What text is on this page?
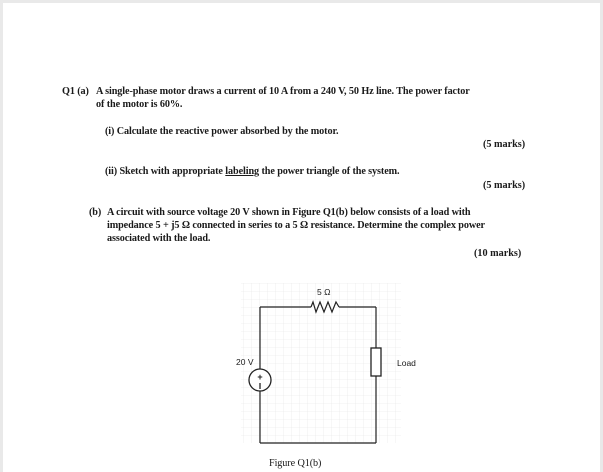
Q1 (a) A single-phase motor draws a current of 10 A from a 240 V, 50 Hz line. The power factor
of the motor is 60%.
(i) Calculate the reactive power absorbed by the motor.
(5 marks)
(ii) Sketch with appropriate labeling the power triangle of the system.
(5 marks)
(b) A circuit with source voltage 20 V shown in Figure Q1(b) below consists of a load with
impedance 5 + j5 Ω connected in series to a 5 Ω resistance. Determine the complex power
associated with the load.
(10 marks)
+
5 Ω
20 V	Load
Figure Q1(b)
